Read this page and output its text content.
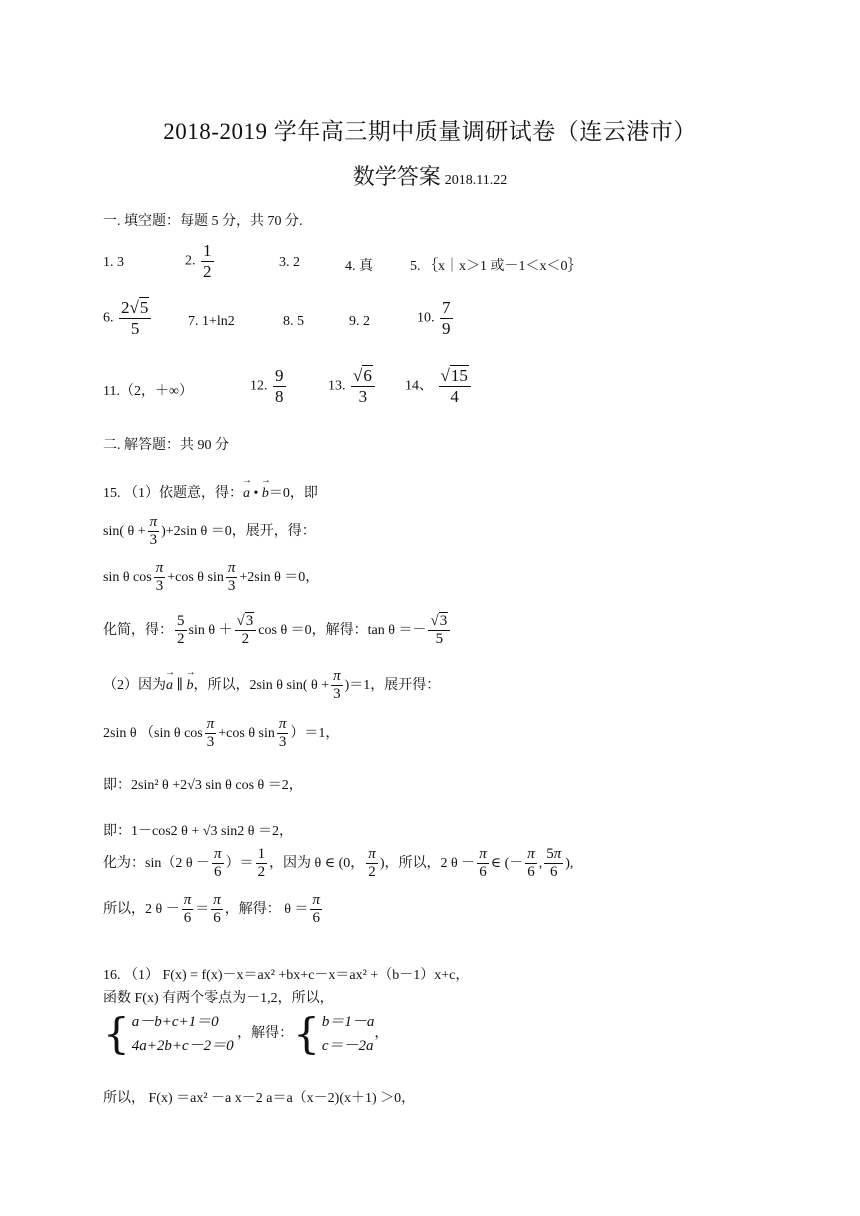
2018-2019 学年高三期中质量调研试卷（连云港市）
数学答案 2018.11.22
一. 填空题：每题 5 分，共 70 分.
1. 3	2. $\frac{1}{2}$	3. 2	4. 真	5. ｛x｜x＞1 或－1＜x＜0｝
6. $\frac{2√5}{5}$	7. 1+ln2	8. 5	9. 2	10. $\frac{7}{9}$
11.（2，＋∞）	12. $\frac{9}{8}$	13. $\frac{√6}{3} 14$、 $\frac{√15}{4}$
二. 解答题：共 90 分
15. （1）依题意，得：→ a • → b＝0，即
sin( $\theta + \frac{\pi}{3} )+2\sin$ θ ＝0，展开，得：
sin θ $\cos \frac{\pi}{3} +\cos$ θ $\sin \frac{\pi}{3} +2\sin$ θ ＝0，
化简，得： $\frac{5}{2}$ $\sin \theta + \frac{√3}{2}$ cos θ ＝0，解得：$\tan \theta =- \frac{√3}{5}$
（2）因为→ a ∥ → b，所以，2sin θ sin( $\theta + \frac{\pi}{3} )=1$，展开得：
2sin θ （sin θ $\cos \frac{\pi}{3} +\cos$ θ $\sin \frac{\pi}{3} )=1$，
即：2sin² θ +2√3 sin θ cos θ ＝2，
即：1－cos2 θ + √3 sin2 θ ＝2，
化为：sin（2 $\theta - \frac{\pi}{6}$ ）＝ $\frac{1}{2}$ ，因为 θ ∈ (0， $\frac{\pi}{2}$ )，所以，2 $\theta - \frac{\pi}{6}$ ∈ (－ $\frac{\pi}{6}$ , $\frac{5\pi}{6}$ ),
所以，2 $\theta - \frac{\pi}{6} = \frac{\pi}{6}$ ，解得： $\theta = \frac{\pi}{6}$
16. （1） F(x) = f(x)－x＝ax² +bx+c－x＝ax² +（b－1）x+c，
函数 F(x) 有两个零点为－1,2，所以，
{ a－b+c+1＝0
4a+2b+c－2＝0
，解得：{ b＝1－a
c＝－2a
，
所以， F(x) ＝ax² －a x－2 a＝a（x－2)(x＋1) ＞0，
